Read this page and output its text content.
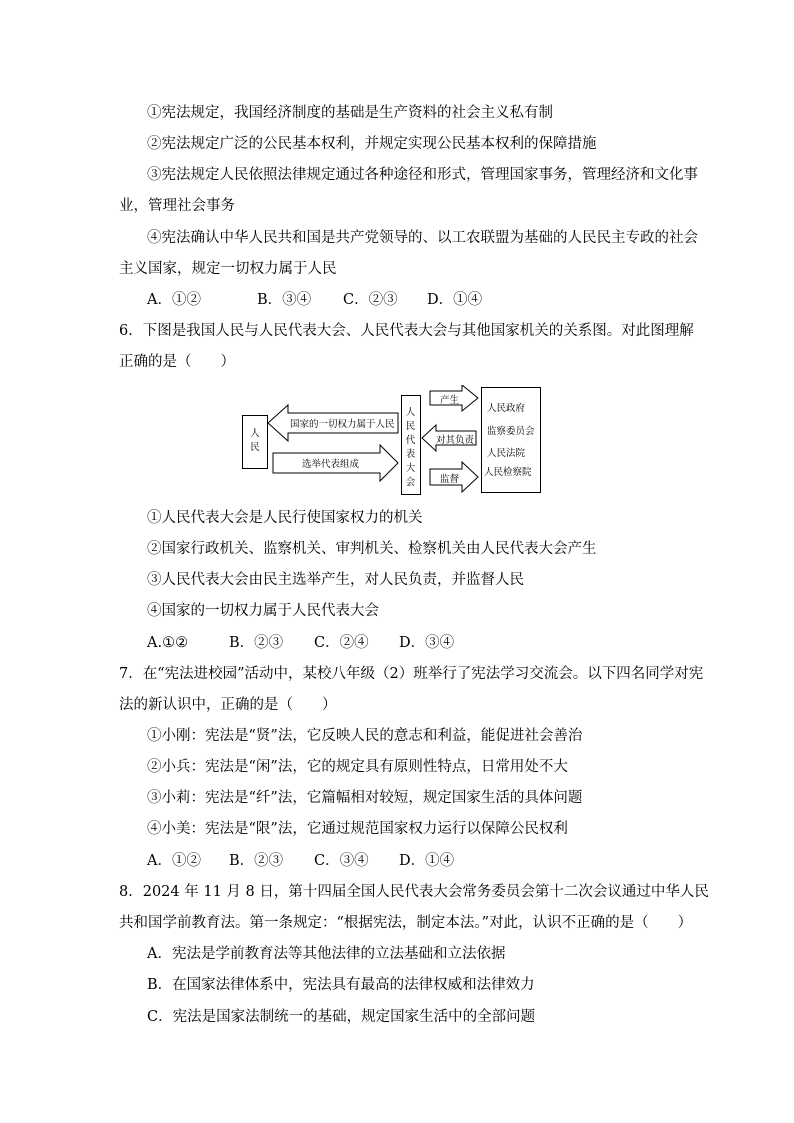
①宪法规定，我国经济制度的基础是生产资料的社会主义私有制
②宪法规定广泛的公民基本权利，并规定实现公民基本权利的保障措施
③宪法规定人民依照法律规定通过各种途径和形式，管理国家事务，管理经济和文化事
业，管理社会事务
④宪法确认中华人民共和国是共产党领导的、以工农联盟为基础的人民民主专政的社会
主义国家，规定一切权力属于人民
A．①②	B．③④ C．②③ D．①④
6．下图是我国人民与人民代表大会、人民代表大会与其他国家机关的关系图。对此图理解
正确的是（　　）
人民
国家的一切权力属于人民
选举代表组成
人民代表大会
产生
对其负责
监督
人民政府
监察委员会
人民法院
人民检察院
①人民代表大会是人民行使国家权力的机关
②国家行政机关、监察机关、审判机关、检察机关由人民代表大会产生
③人民代表大会由民主选举产生，对人民负责，并监督人民
④国家的一切权力属于人民代表大会
A.①②	B．②③ C．②④ D．③④
7．在“宪法进校园”活动中，某校八年级（2）班举行了宪法学习交流会。以下四名同学对宪
法的新认识中，正确的是（　　）
①小刚：宪法是“贤”法，它反映人民的意志和利益，能促进社会善治
②小兵：宪法是“闲”法，它的规定具有原则性特点，日常用处不大
③小莉：宪法是“纤”法，它篇幅相对较短，规定国家生活的具体问题
④小美：宪法是“限”法，它通过规范国家权力运行以保障公民权利
A．①② B．②③ C．③④ D．①④
8．2024 年 11 月 8 日，第十四届全国人民代表大会常务委员会第十二次会议通过中华人民
共和国学前教育法。第一条规定：“根据宪法，制定本法。”对此，认识不正确的是（　　）
A．宪法是学前教育法等其他法律的立法基础和立法依据
B．在国家法律体系中，宪法具有最高的法律权威和法律效力
C．宪法是国家法制统一的基础，规定国家生活中的全部问题
